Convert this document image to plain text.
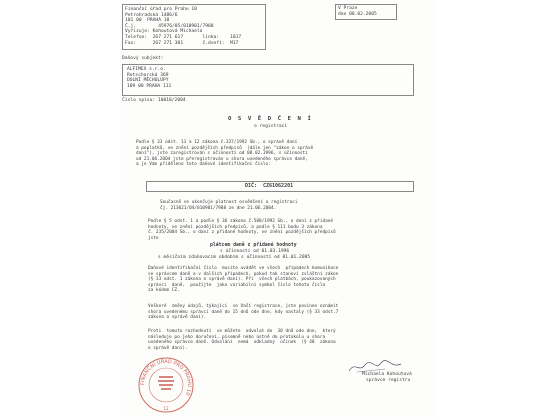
Finanční úřad pro Prahu 10
Petrohradská 1486/6
101 00  PRAHA 10
Č.j.        45976/05/010901/7988
Vyřizuje: Kohoutová Michaela
Telefon:  267 271 617       linka:    1017
Fax:      267 271 301       č.dveří:  M17
V Praze
dne 08.02.2005
Daňový subjekt:
ALFIMEX s.r.o.
Rotschorská 369
DOLNÍ MĚCHOLUPY
109 00 PRAHA 111
Číslo spisu: 10018/2004
O S V Ě D Č E N Í
o registraci
Podle § 33 odst. 11 a 12 zákona č.337/1992 Sb., o správě daní
a poplatků, ve znění pozdějších předpisů  (dále jen "zákon o správě
daní"), jste zaregistrován s účinností od 08.02.1996, s účinností
od 21.06.2004 jste přeregistrován u shora uvedeného správce daně,
a je Vám přiděleno toto daňové identifikační číslo:
DIČ: CZ61062201
Současně se ukončuje platnost osvědčení o registraci
čj. 213021/04/010901/7988 ze dne 21.06.2004.
Podle § 5 odst. 1 a podle § 36 zákona č.588/1992 Sb., o dani z přidané
hodnoty, ve znění pozdějších předpisů, a podle § 111 bodu 3 zákona
č. 235/2004 Sb., o dani z přidané hodnoty, ve znění pozdějších předpisů
jste
plátcem daně z přidané hodnoty
s účinností od 01.03.1996
s měsíčním zdaňovacím obdobím s účinností od 01.01.2005
Daňové identifikační číslo  musíte uvádět ve všech  případech komunikace
se správcem daně a v dalších případech, pokud tak stanoví zvláštní zákon
(§ 33 odst. 1 zákona o správě daní). Při  všech platbách, poukazovaných
správci  daně,  použijte  jako variabilní symbol číslo tohoto čísla
za kódem CZ.
Veškeré  změny údajů, týkající  se Vaší registrace, jste povinen oznámit
shora uvedenému správci daně do 15 dnů ode dne, kdy nastaly (§ 33 odst.7
zákona o správě daní).
Proti  tomuto rozhodnutí  se můžete  odvolat do  30 dnů ode dne,  který
následuje po jeho doručení, písemně nebo ústně do protokolu u shora
uvedeného správce daně. Odvolání  nemá  odkladný  účinek  (§ 48  zákona
o správě daní).
FINANČNÍ ÚŘAD PRO PRAHU 10
12
Michaela Kohoutová
správce registru
